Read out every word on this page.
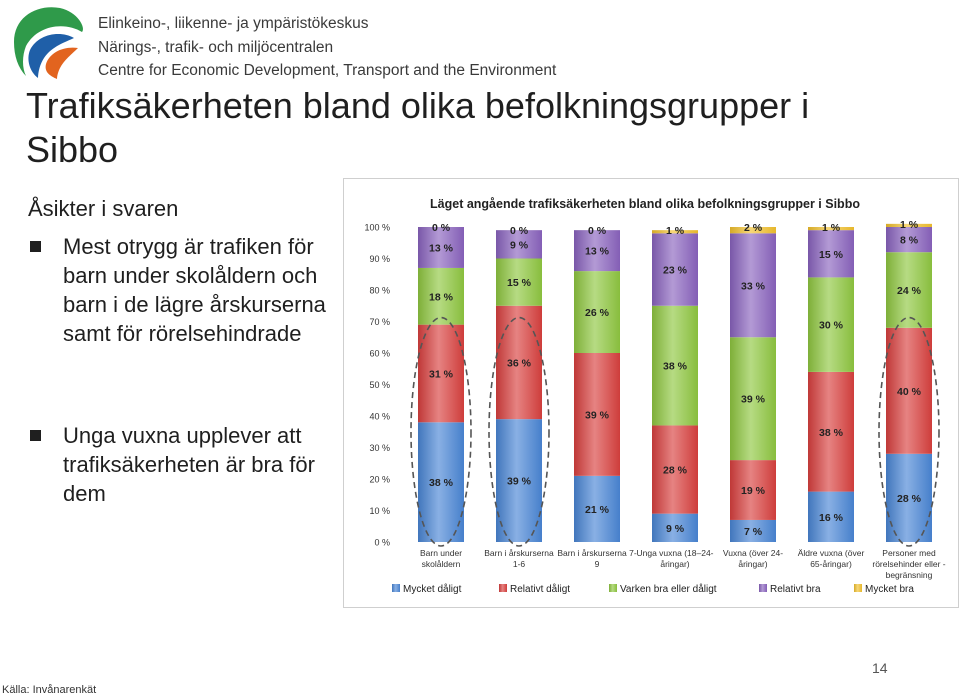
Elinkeino-, liikenne- ja ympäristökeskus
Närings-, trafik- och miljöcentralen
Centre for Economic Development, Transport and the Environment
Trafiksäkerheten bland olika befolkningsgrupper i Sibbo
Åsikter i svaren
Mest otrygg är trafiken för barn under skolåldern och barn i de lägre årskurserna samt för rörelsehindrade
Unga vuxna upplever att trafiksäkerheten är bra för dem
Läget angående trafiksäkerheten bland olika befolkningsgrupper i Sibbo
0 %
10 %
20 %
30 %
40 %
50 %
60 %
70 %
80 %
90 %
100 %
38 %
31 %
18 %
13 %
0 %
Barn under
skolåldern
39 %
36 %
15 %
9 %
0 %
Barn i årskurserna
1-6
21 %
39 %
26 %
13 %
0 %
Barn i årskurserna 7-
9
9 %
28 %
38 %
23 %
1 %
Unga vuxna (18–24-
åringar)
7 %
19 %
39 %
33 %
2 %
Vuxna (över 24-
åringar)
16 %
38 %
30 %
15 %
1 %
Äldre vuxna (över
65-åringar)
28 %
40 %
24 %
8 %
1 %
Personer med
rörelsehinder eller -
begränsning
Mycket dåligt	Relativt dåligt	Varken bra eller dåligt	Relativt bra	Mycket bra
Källa: Invånarenkät
14
